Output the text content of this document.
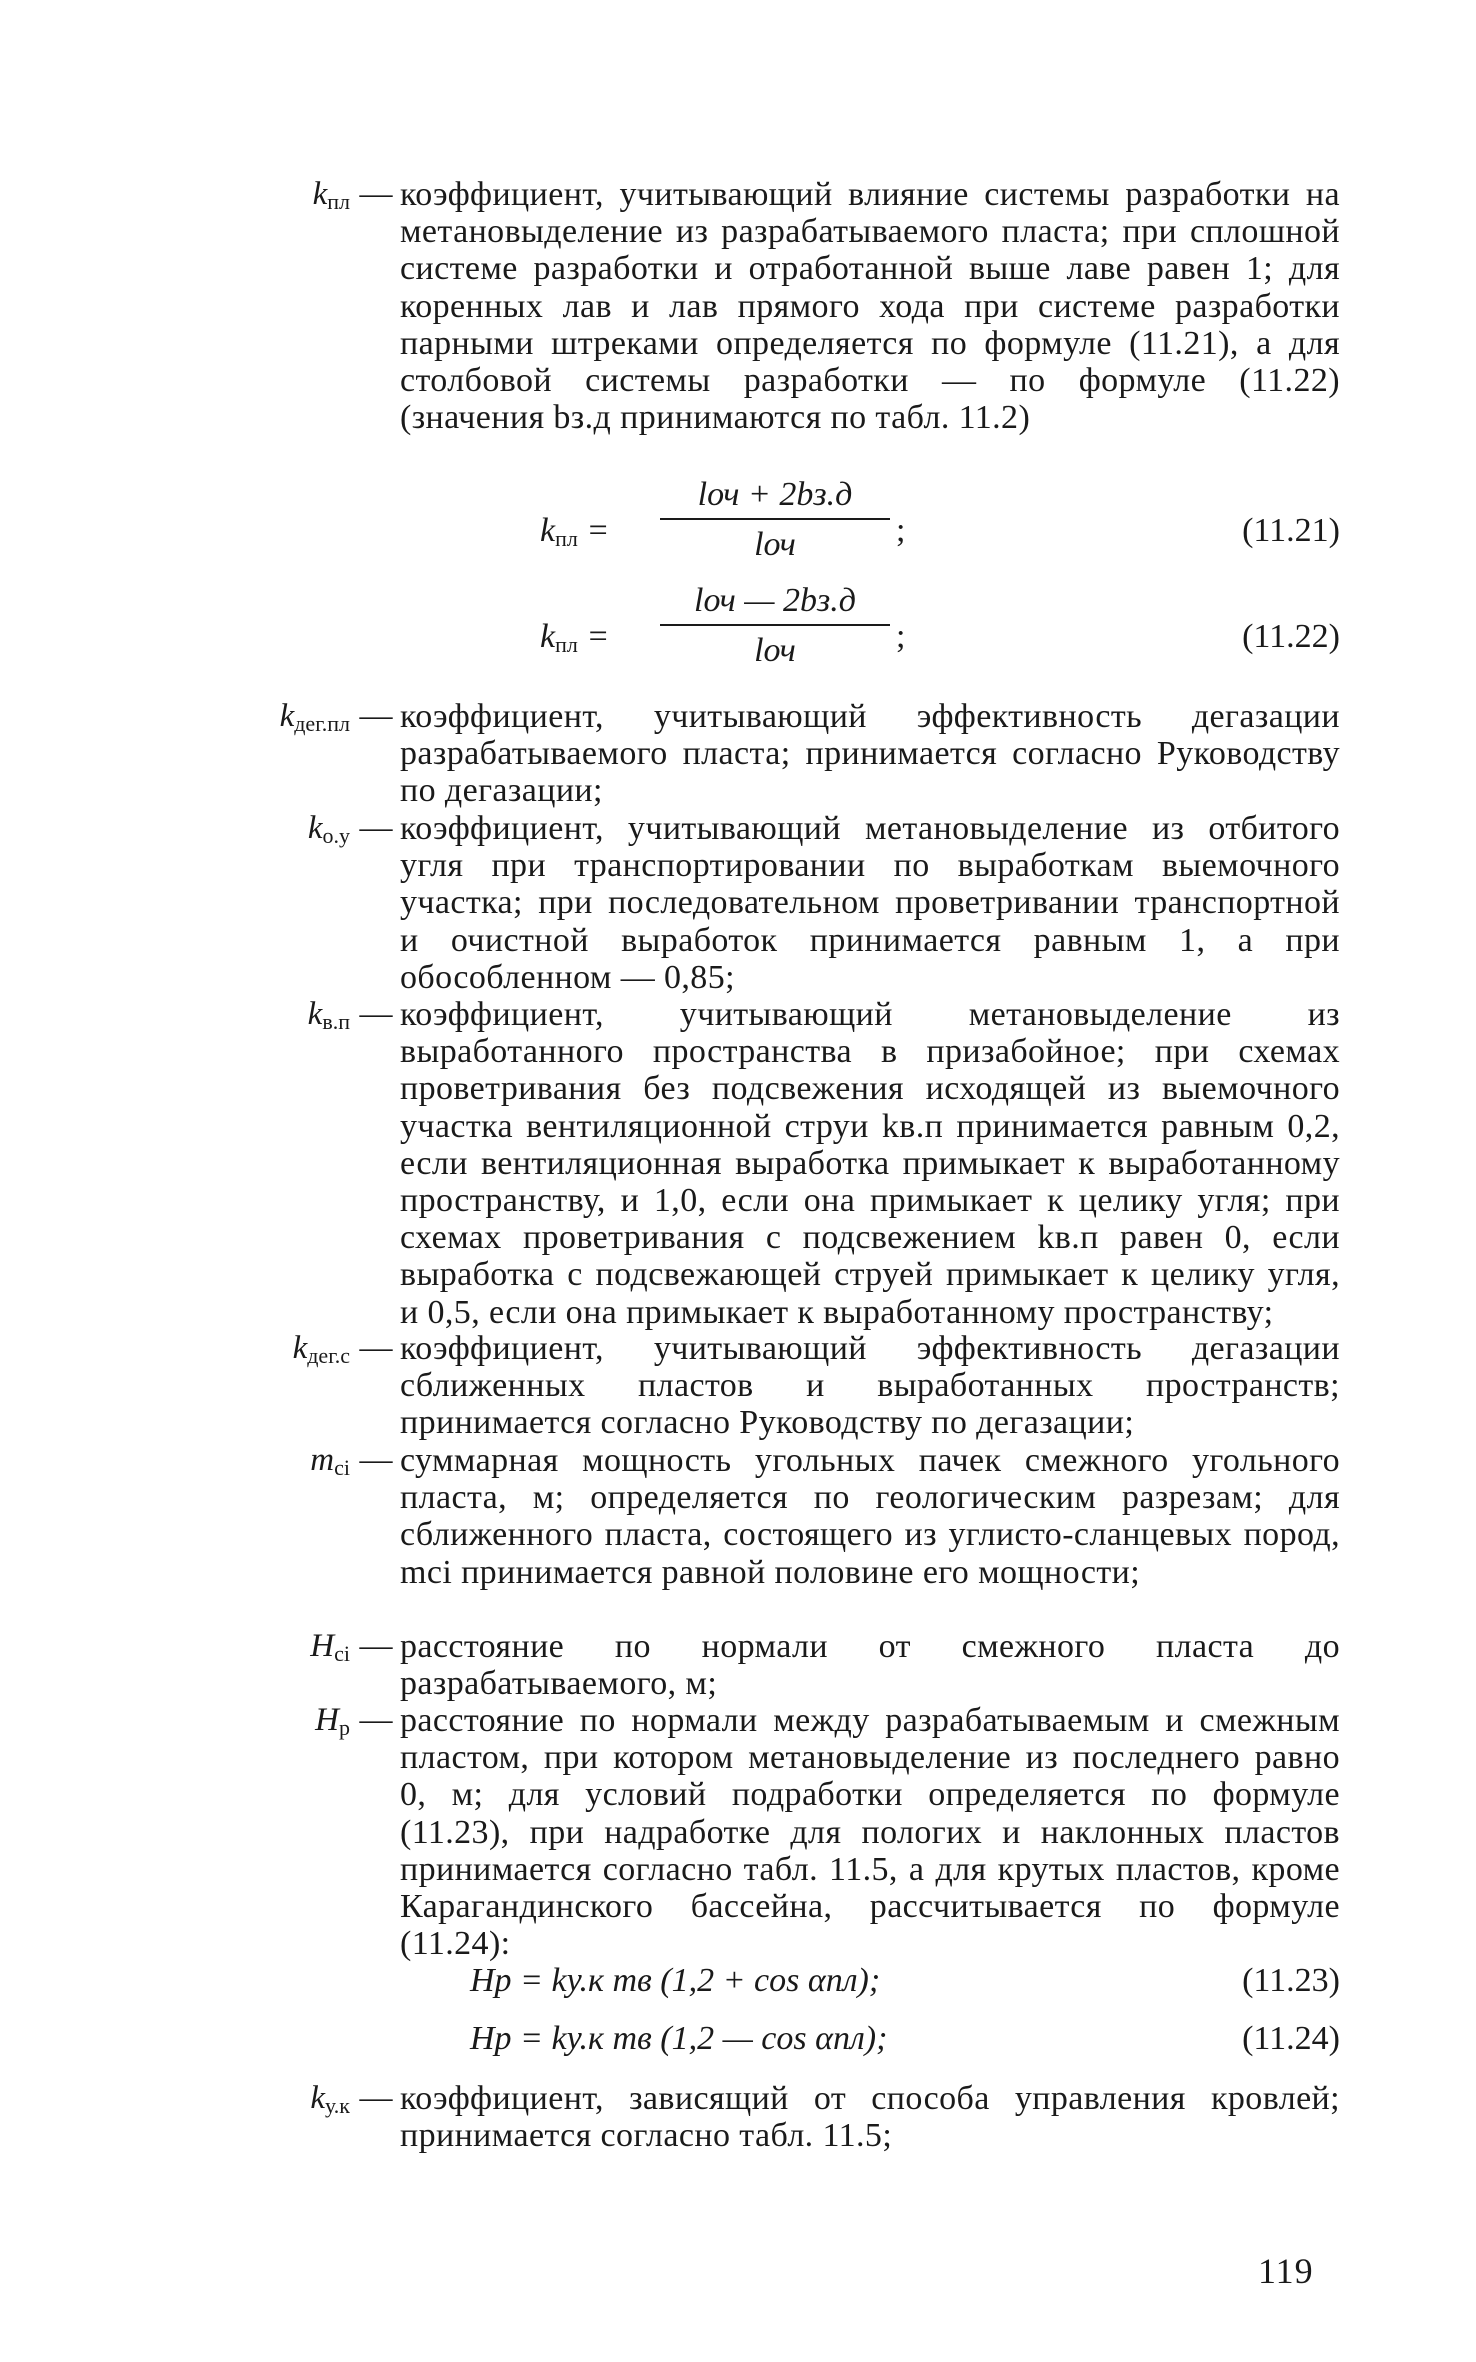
$k_{пл}$ — коэффициент, учитывающий влияние системы разработки на метановыделение из разрабатываемого пласта; при сплошной системе разработки и отработанной выше лаве равен 1; для коренных лав и лав прямого хода при системе разработки парными штреками определяется по формуле (11.21), а для столбовой системы разработки — по формуле (11.22) (значения bз.д принимаются по табл. 11.2)
$k_{пл}$ =
lоч + 2bз.д
lоч	;	(11.21)
$k_{пл}$ =
lоч — 2bз.д
lоч	;	(11.22)
$k_{дег.пл}$ — коэффициент, учитывающий эффективность дегазации разрабатываемого пласта; принимается согласно Руководству по дегазации;
$k_{о.у}$ — коэффициент, учитывающий метановыделение из отбитого угля при транспортировании по выработкам выемочного участка; при последовательном проветривании транспортной и очистной выработок принимается равным 1, а при обособленном — 0,85;
$k_{в.п}$ — коэффициент, учитывающий метановыделение из выработанного пространства в призабойное; при схемах проветривания без подсвежения исходящей из выемочного участка вентиляционной струи kв.п принимается равным 0,2, если вентиляционная выработка примыкает к выработанному пространству, и 1,0, если она примыкает к целику угля; при схемах проветривания с подсвежением kв.п равен 0, если выработка с подсвежающей струей примыкает к целику угля, и 0,5, если она примыкает к выработанному пространству;
$k_{дег.с}$ — коэффициент, учитывающий эффективность дегазации сближенных пластов и выработанных пространств; принимается согласно Руководству по дегазации;
$m_{ci}$ — суммарная мощность угольных пачек смежного угольного пласта, м; определяется по геологическим разрезам; для сближенного пласта, состоящего из углисто-сланцевых пород, mci принимается равной половине его мощности;
$H_{ci}$ — расстояние по нормали от смежного пласта до разрабатываемого, м;
$H_р$ — расстояние по нормали между разрабатываемым и смежным пластом, при котором метановыделение из последнего равно 0, м; для условий подработки определяется по формуле (11.23), при надработке для пологих и наклонных пластов принимается согласно табл. 11.5, а для крутых пластов, кроме Карагандинского бассейна, рассчитывается по формуле (11.24):
Hр = kу.к mв (1,2 + cos αпл);	(11.23)
Hр = kу.к mв (1,2 — cos αпл);	(11.24)
$k_{у.к}$ — коэффициент, зависящий от способа управления кровлей; принимается согласно табл. 11.5;
119
